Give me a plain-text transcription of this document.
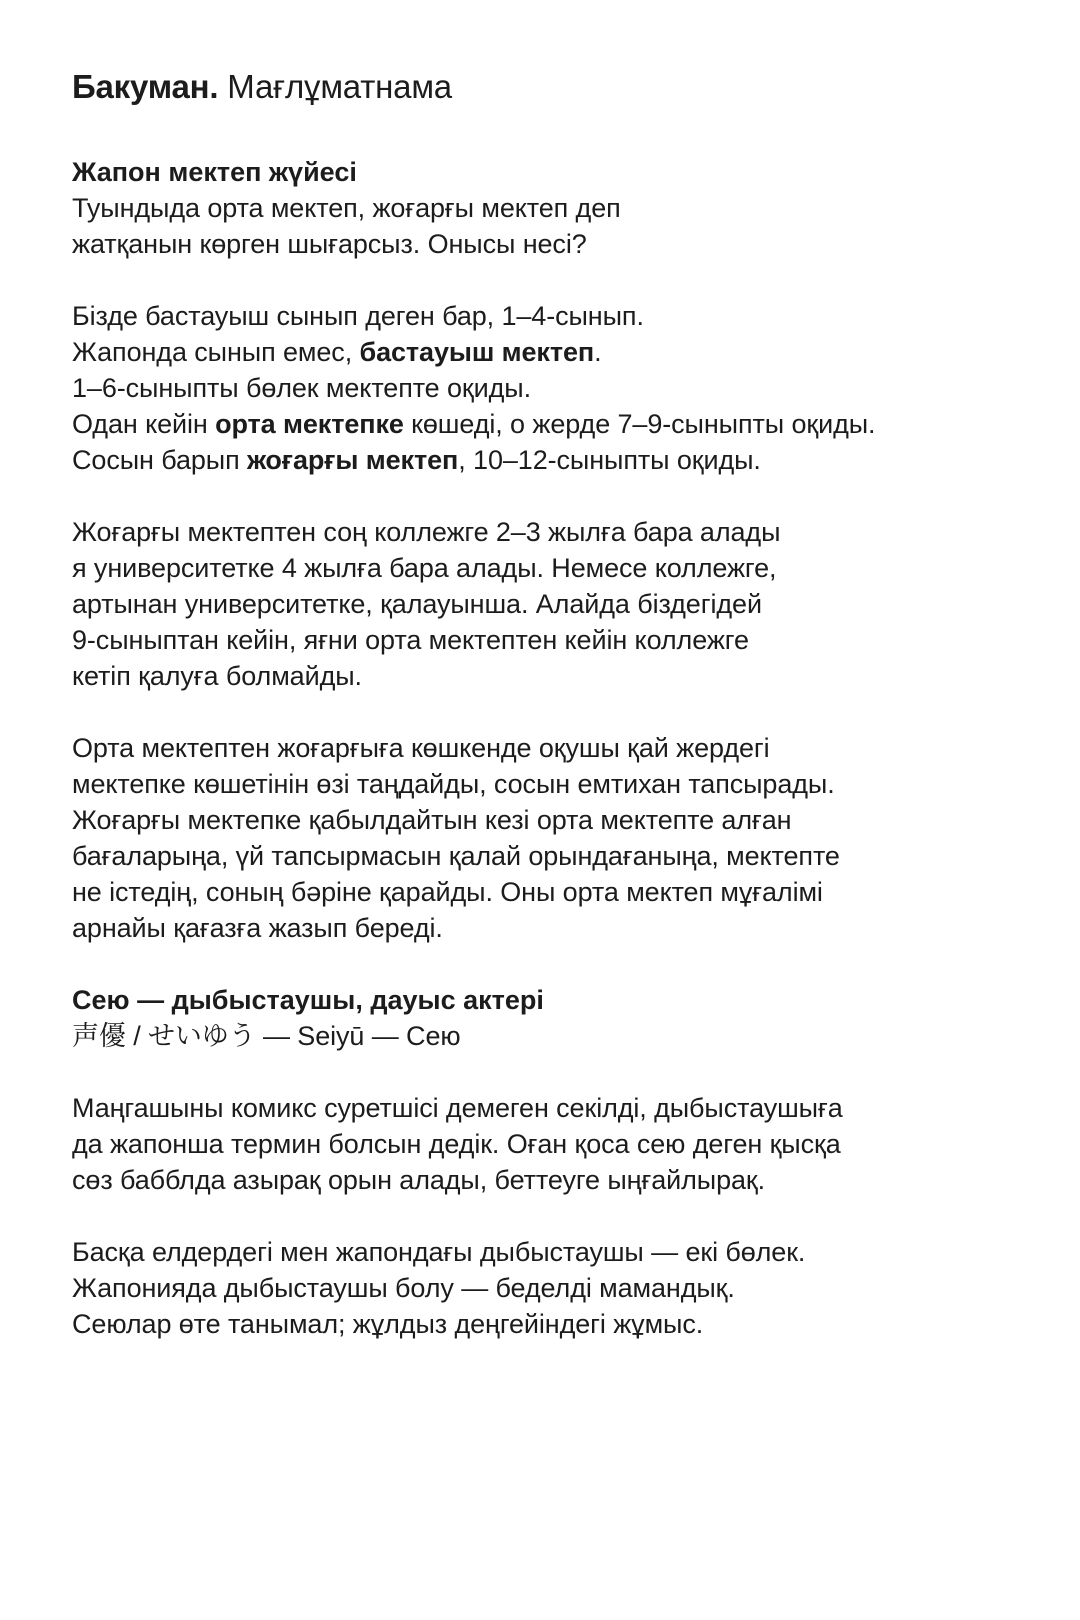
Бакуман. Мағлұматнама

Жапон мектеп жүйесі

Туындыда орта мектеп, жоғарғы мектеп деп

жатқанын көрген шығарсыз. Онысы несі?

Бізде бастауыш сынып деген бар, 1–4-сынып.

Жапонда сынып емес, бастауыш мектеп.

1–6-сыныпты бөлек мектепте оқиды.

Одан кейін орта мектепке көшеді, о жерде 7–9-сыныпты оқиды.

Сосын барып жоғарғы мектеп, 10–12-сыныпты оқиды.

Жоғарғы мектептен соң коллежге 2–3 жылға бара алады

я университетке 4 жылға бара алады. Немесе коллежге,

артынан университетке, қалауынша. Алайда біздегідей

9-сыныптан кейін, яғни орта мектептен кейін коллежге

кетіп қалуға болмайды.

Орта мектептен жоғарғыға көшкенде оқушы қай жердегі

мектепке көшетінін өзі таңдайды, сосын емтихан тапсырады.

Жоғарғы мектепке қабылдайтын кезі орта мектепте алған

бағаларыңа, үй тапсырмасын қалай орындағаныңа, мектепте

не істедің, соның бәріне қарайды. Оны орта мектеп мұғалімі

арнайы қағазға жазып береді.

Сею — дыбыстаушы, дауыс актері

声優 / せいゆう — Seiyū — Сею

Маңгашыны комикс суретшісі демеген секілді, дыбыстаушыға

да жапонша термин болсын дедік. Оған қоса сею деген қысқа

сөз бабблда азырақ орын алады, беттеуге ыңғайлырақ.

Басқа елдердегі мен жапондағы дыбыстаушы — екі бөлек.

Жапонияда дыбыстаушы болу — беделді мамандық.

Сеюлар өте танымал; жұлдыз деңгейіндегі жұмыс.
